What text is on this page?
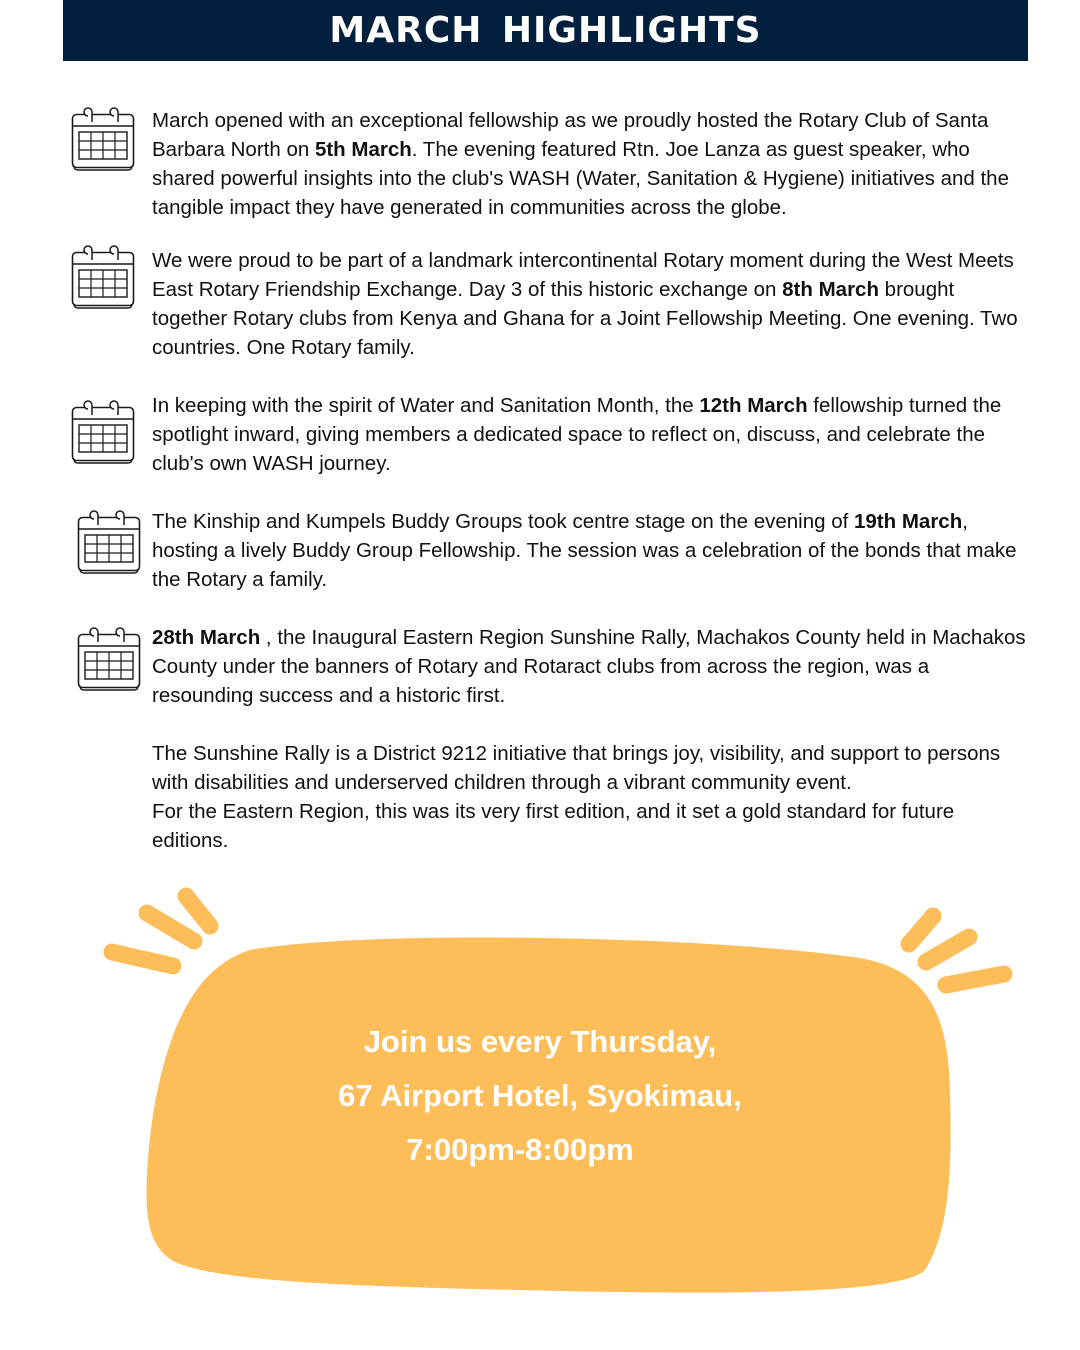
MARCH HIGHLIGHTS

March opened with an exceptional fellowship as we proudly hosted the Rotary Club of Santa Barbara North on 5th March. The evening featured Rtn. Joe Lanza as guest speaker, who shared powerful insights into the club's WASH (Water, Sanitation & Hygiene) initiatives and the tangible impact they have generated in communities across the globe.

We were proud to be part of a landmark intercontinental Rotary moment during the West Meets East Rotary Friendship Exchange. Day 3 of this historic exchange on 8th March brought together Rotary clubs from Kenya and Ghana for a Joint Fellowship Meeting. One evening. Two countries. One Rotary family.

In keeping with the spirit of Water and Sanitation Month, the 12th March fellowship turned the spotlight inward, giving members a dedicated space to reflect on, discuss, and celebrate the club's own WASH journey.

The Kinship and Kumpels Buddy Groups took centre stage on the evening of 19th March, hosting a lively Buddy Group Fellowship. The session was a celebration of the bonds that make the Rotary a family.

28th March , the Inaugural Eastern Region Sunshine Rally, Machakos County held in Machakos County under the banners of Rotary and Rotaract clubs from across the region, was a resounding success and a historic first.

The Sunshine Rally is a District 9212 initiative that brings joy, visibility, and support to persons with disabilities and underserved children through a vibrant community event.
For the Eastern Region, this was its very first edition, and it set a gold standard for future editions.

Join us every Thursday,
67 Airport Hotel, Syokimau,
7:00pm-8:00pm
